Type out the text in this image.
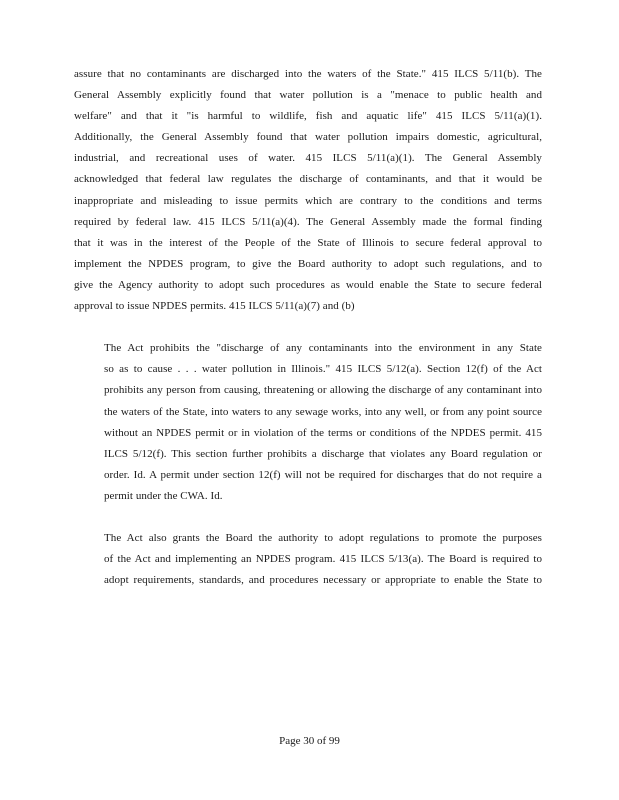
assure that no contaminants are discharged into the waters of the State." 415 ILCS 5/11(b). The
General Assembly explicitly found that water pollution is a "menace to public health and
welfare" and that it "is harmful to wildlife, fish and aquatic life" 415 ILCS 5/11(a)(1).
Additionally, the General Assembly found that water pollution impairs domestic, agricultural,
industrial, and recreational uses of water. 415 ILCS 5/11(a)(1). The General Assembly
acknowledged that federal law regulates the discharge of contaminants, and that it would be
inappropriate and misleading to issue permits which are contrary to the conditions and terms
required by federal law. 415 ILCS 5/11(a)(4). The General Assembly made the formal finding
that it was in the interest of the People of the State of Illinois to secure federal approval to
implement the NPDES program, to give the Board authority to adopt such regulations, and to
give the Agency authority to adopt such procedures as would enable the State to secure federal
approval to issue NPDES permits. 415 ILCS 5/11(a)(7) and (b)
The Act prohibits the "discharge of any contaminants into the environment in any State
so as to cause . . . water pollution in Illinois." 415 ILCS 5/12(a). Section 12(f) of the Act
prohibits any person from causing, threatening or allowing the discharge of any contaminant into
the waters of the State, into waters to any sewage works, into any well, or from any point source
without an NPDES permit or in violation of the terms or conditions of the NPDES permit. 415
ILCS 5/12(f). This section further prohibits a discharge that violates any Board regulation or
order. Id. A permit under section 12(f) will not be required for discharges that do not require a
permit under the CWA. Id.
The Act also grants the Board the authority to adopt regulations to promote the purposes
of the Act and implementing an NPDES program. 415 ILCS 5/13(a). The Board is required to
adopt requirements, standards, and procedures necessary or appropriate to enable the State to
Page 30 of 99
